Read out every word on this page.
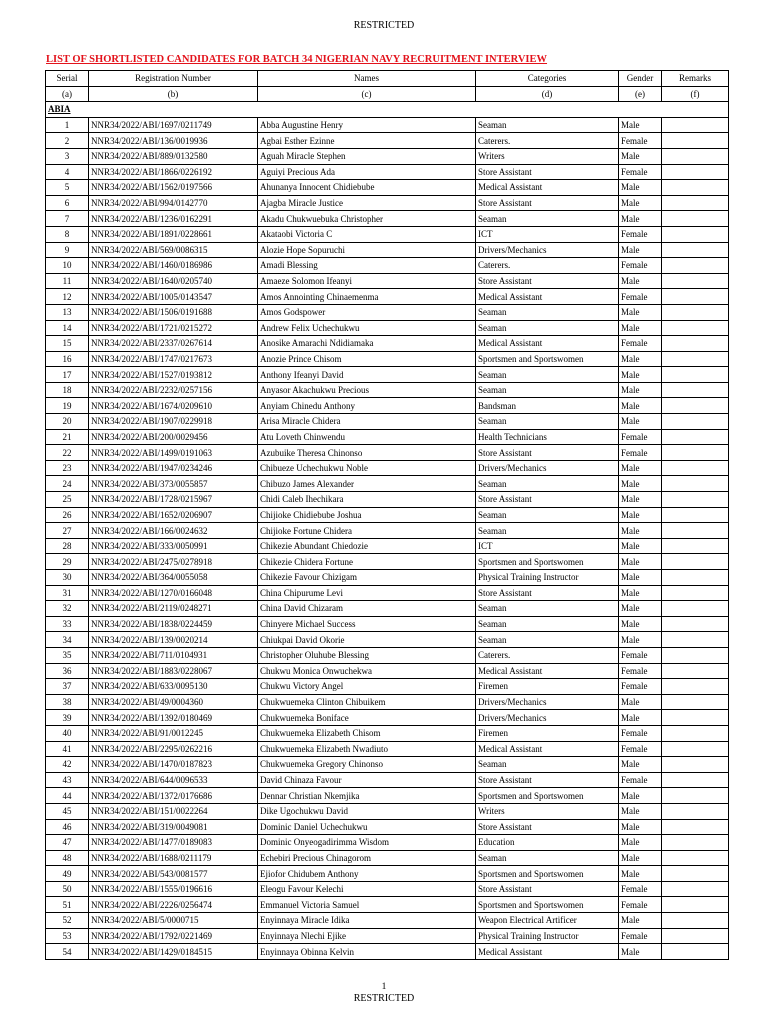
RESTRICTED
LIST OF SHORTLISTED CANDIDATES FOR BATCH 34 NIGERIAN NAVY RECRUITMENT INTERVIEW
Serial	Registration Number	Names	Categories	Gender	Remarks
(a)	(b)	(c)	(d)	(e)	(f)
ABIA					
1	NNR34/2022/ABI/1697/0211749	Abba Augustine Henry	Seaman	Male	
2	NNR34/2022/ABI/136/0019936	Agbai Esther Ezinne	Caterers.	Female	
3	NNR34/2022/ABI/889/0132580	Aguah Miracle Stephen	Writers	Male	
4	NNR34/2022/ABI/1866/0226192	Aguiyi Precious Ada	Store Assistant	Female	
5	NNR34/2022/ABI/1562/0197566	Ahunanya Innocent Chidiebube	Medical Assistant	Male	
6	NNR34/2022/ABI/994/0142770	Ajagba Miracle Justice	Store Assistant	Male	
7	NNR34/2022/ABI/1236/0162291	Akadu Chukwuebuka Christopher	Seaman	Male	
8	NNR34/2022/ABI/1891/0228661	Akataobi Victoria C	ICT	Female	
9	NNR34/2022/ABI/569/0086315	Alozie Hope Sopuruchi	Drivers/Mechanics	Male	
10	NNR34/2022/ABI/1460/0186986	Amadi Blessing	Caterers.	Female	
11	NNR34/2022/ABI/1640/0205740	Amaeze Solomon Ifeanyi	Store Assistant	Male	
12	NNR34/2022/ABI/1005/0143547	Amos Annointing Chinaemenma	Medical Assistant	Female	
13	NNR34/2022/ABI/1506/0191688	Amos Godspower	Seaman	Male	
14	NNR34/2022/ABI/1721/0215272	Andrew Felix Uchechukwu	Seaman	Male	
15	NNR34/2022/ABI/2337/0267614	Anosike Amarachi Ndidiamaka	Medical Assistant	Female	
16	NNR34/2022/ABI/1747/0217673	Anozie Prince Chisom	Sportsmen and Sportswomen	Male	
17	NNR34/2022/ABI/1527/0193812	Anthony Ifeanyi David	Seaman	Male	
18	NNR34/2022/ABI/2232/0257156	Anyasor Akachukwu Precious	Seaman	Male	
19	NNR34/2022/ABI/1674/0209610	Anyiam Chinedu Anthony	Bandsman	Male	
20	NNR34/2022/ABI/1907/0229918	Arisa Miracle Chidera	Seaman	Male	
21	NNR34/2022/ABI/200/0029456	Atu Loveth Chinwendu	Health Technicians	Female	
22	NNR34/2022/ABI/1499/0191063	Azubuike Theresa Chinonso	Store Assistant	Female	
23	NNR34/2022/ABI/1947/0234246	Chibueze Uchechukwu Noble	Drivers/Mechanics	Male	
24	NNR34/2022/ABI/373/0055857	Chibuzo James Alexander	Seaman	Male	
25	NNR34/2022/ABI/1728/0215967	Chidi Caleb Ihechikara	Store Assistant	Male	
26	NNR34/2022/ABI/1652/0206907	Chijioke Chidiebube Joshua	Seaman	Male	
27	NNR34/2022/ABI/166/0024632	Chijioke Fortune Chidera	Seaman	Male	
28	NNR34/2022/ABI/333/0050991	Chikezie Abundant Chiedozie	ICT	Male	
29	NNR34/2022/ABI/2475/0278918	Chikezie Chidera Fortune	Sportsmen and Sportswomen	Male	
30	NNR34/2022/ABI/364/0055058	Chikezie Favour Chizigam	Physical Training Instructor	Male	
31	NNR34/2022/ABI/1270/0166048	China Chipurume Levi	Store Assistant	Male	
32	NNR34/2022/ABI/2119/0248271	China David Chizaram	Seaman	Male	
33	NNR34/2022/ABI/1838/0224459	Chinyere Michael Success	Seaman	Male	
34	NNR34/2022/ABI/139/0020214	Chiukpai David Okorie	Seaman	Male	
35	NNR34/2022/ABI/711/0104931	Christopher Oluhube Blessing	Caterers.	Female	
36	NNR34/2022/ABI/1883/0228067	Chukwu Monica Onwuchekwa	Medical Assistant	Female	
37	NNR34/2022/ABI/633/0095130	Chukwu Victory Angel	Firemen	Female	
38	NNR34/2022/ABI/49/0004360	Chukwuemeka Clinton Chibuikem	Drivers/Mechanics	Male	
39	NNR34/2022/ABI/1392/0180469	Chukwuemeka Boniface	Drivers/Mechanics	Male	
40	NNR34/2022/ABI/91/0012245	Chukwuemeka Elizabeth Chisom	Firemen	Female	
41	NNR34/2022/ABI/2295/0262216	Chukwuemeka Elizabeth Nwadiuto	Medical Assistant	Female	
42	NNR34/2022/ABI/1470/0187823	Chukwuemeka Gregory Chinonso	Seaman	Male	
43	NNR34/2022/ABI/644/0096533	David Chinaza Favour	Store Assistant	Female	
44	NNR34/2022/ABI/1372/0176686	Dennar Christian Nkemjika	Sportsmen and Sportswomen	Male	
45	NNR34/2022/ABI/151/0022264	Dike Ugochukwu David	Writers	Male	
46	NNR34/2022/ABI/319/0049081	Dominic Daniel Uchechukwu	Store Assistant	Male	
47	NNR34/2022/ABI/1477/0189083	Dominic Onyeogadirimma Wisdom	Education	Male	
48	NNR34/2022/ABI/1688/0211179	Echebiri Precious Chinagorom	Seaman	Male	
49	NNR34/2022/ABI/543/0081577	Ejiofor Chidubem Anthony	Sportsmen and Sportswomen	Male	
50	NNR34/2022/ABI/1555/0196616	Eleogu Favour Kelechi	Store Assistant	Female	
51	NNR34/2022/ABI/2226/0256474	Emmanuel Victoria Samuel	Sportsmen and Sportswomen	Female	
52	NNR34/2022/ABI/5/0000715	Enyinnaya Miracle Idika	Weapon Electrical Artificer	Male	
53	NNR34/2022/ABI/1792/0221469	Enyinnaya Nlechi Ejike	Physical Training Instructor	Female	
54	NNR34/2022/ABI/1429/0184515	Enyinnaya Obinna Kelvin	Medical Assistant	Male	
1
RESTRICTED
